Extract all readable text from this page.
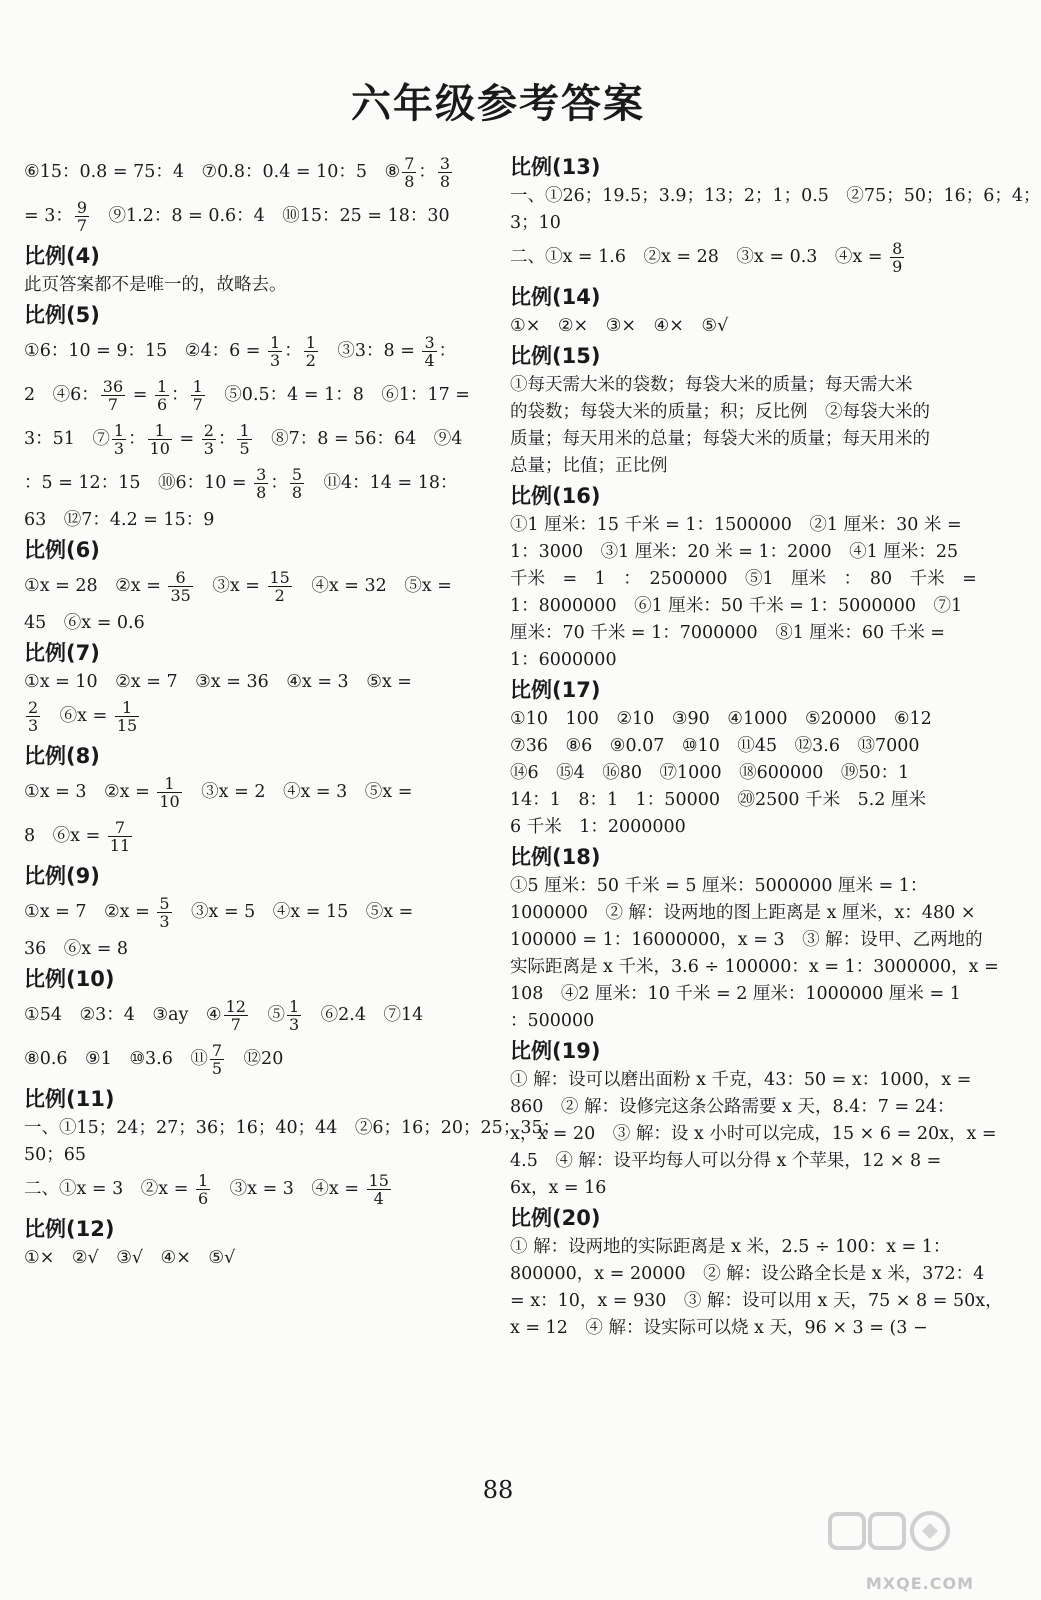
六年级参考答案
⑥15：0.8 = 75：4　⑦0.8：0.4 = 10：5　⑧ $\frac{7}{8}$ ： $\frac{3}{8}$
= 3： $\frac{9}{7}$ 　⑨1.2：8 = 0.6：4　⑩15：25 = 18：30
比例(4)
此页答案都不是唯一的，故略去。
比例(5)
①6：10 = 9：15　②4：$6 = \frac{1}{3}$ ： $\frac{1}{2}$ 　③3：$8 = \frac{3}{4}$ ：
2　④6： $\frac{36}{7} = \frac{1}{6}$ ： $\frac{1}{7}$ 　⑤0.5：4 = 1：8　⑥1：17 =
3：51　⑦ $\frac{1}{3}$ ： $\frac{1}{10} = \frac{2}{3}$ ： $\frac{1}{5}$ 　⑧7：8 = 56：64　⑨4
：5 = 12：15　⑩6：$10 = \frac{3}{8}$ ： $\frac{5}{8}$ 　⑪4：14 = 18：
63　⑫7：4.2 = 15：9
比例(6)
①x = 28　②x = $\frac{6}{35}$ 　③x = $\frac{15}{2}$ 　④x = 32　⑤x =
45　⑥x = 0.6
比例(7)
①x = 10　②x = 7　③x = 36　④x = 3　⑤x =
$\frac{2}{3}$ 　⑥x = $\frac{1}{15}$
比例(8)
①x = 3　②x = $\frac{1}{10}$ 　③x = 2　④x = 3　⑤x =
8　⑥x = $\frac{7}{11}$
比例(9)
①x = 7　②x = $\frac{5}{3}$ 　③x = 5　④x = 15　⑤x =
36　⑥x = 8
比例(10)
①54　②3：4　③ay　④ $\frac{12}{7}$ 　⑤ $\frac{1}{3}$ 　⑥2.4　⑦14
⑧0.6　⑨1　⑩3.6　⑪ $\frac{7}{5}$ 　⑫20
比例(11)
一、①15；24；27；36；16；40；44　②6；16；20；25；35；
50；65
二、①x = 3　②x = $\frac{1}{6}$ 　③x = 3　④x = $\frac{15}{4}$
比例(12)
①×　②√　③√　④×　⑤√
比例(13)
一、①26；19.5；3.9；13；2；1；0.5　②75；50；16；6；4；
3；10
二、①x = 1.6　②x = 28　③x = 0.3　④x = $\frac{8}{9}$
比例(14)
①×　②×　③×　④×　⑤√
比例(15)
①每天需大米的袋数；每袋大米的质量；每天需大米
的袋数；每袋大米的质量；积；反比例　②每袋大米的
质量；每天用米的总量；每袋大米的质量；每天用米的
总量；比值；正比例
比例(16)
①1 厘米：15 千米 = 1：1500000　②1 厘米：30 米 =
1：3000　③1 厘米：20 米 = 1：2000　④1 厘米：25
千米　=　1　：　2500000　⑤1　厘米　：　80　千米　=
1：8000000　⑥1 厘米：50 千米 = 1：5000000　⑦1
厘米：70 千米 = 1：7000000　⑧1 厘米：60 千米 =
1：6000000
比例(17)
①10　100　②10　③90　④1000　⑤20000　⑥12
⑦36　⑧6　⑨0.07　⑩10　⑪45　⑫3.6　⑬7000
⑭6　⑮4　⑯80　⑰1000　⑱600000　⑲50：1
14：1　8：1　1：50000　⑳2500 千米　5.2 厘米
6 千米　1：2000000
比例(18)
①5 厘米：50 千米 = 5 厘米：5000000 厘米 = 1：
1000000　② 解：设两地的图上距离是 x 厘米，x：480 ×
100000 = 1：16000000，x = 3　③ 解：设甲、乙两地的
实际距离是 x 千米，3.6 ÷ 100000：x = 1：3000000，x =
108　④2 厘米：10 千米 = 2 厘米：1000000 厘米 = 1
：500000
比例(19)
① 解：设可以磨出面粉 x 千克，43：50 = x：1000，x =
860　② 解：设修完这条公路需要 x 天，8.4：7 = 24：
x，x = 20　③ 解：设 x 小时可以完成，15 × 6 = 20x，x =
4.5　④ 解：设平均每人可以分得 x 个苹果，12 × 8 =
6x，x = 16
比例(20)
① 解：设两地的实际距离是 x 米，2.5 ÷ 100：x = 1：
800000，x = 20000　② 解：设公路全长是 x 米，372：4
= x：10，x = 930　③ 解：设可以用 x 天，75 × 8 = 50x，
x = 12　④ 解：设实际可以烧 x 天，96 × 3 = (3 −
88
MXQE.COM
